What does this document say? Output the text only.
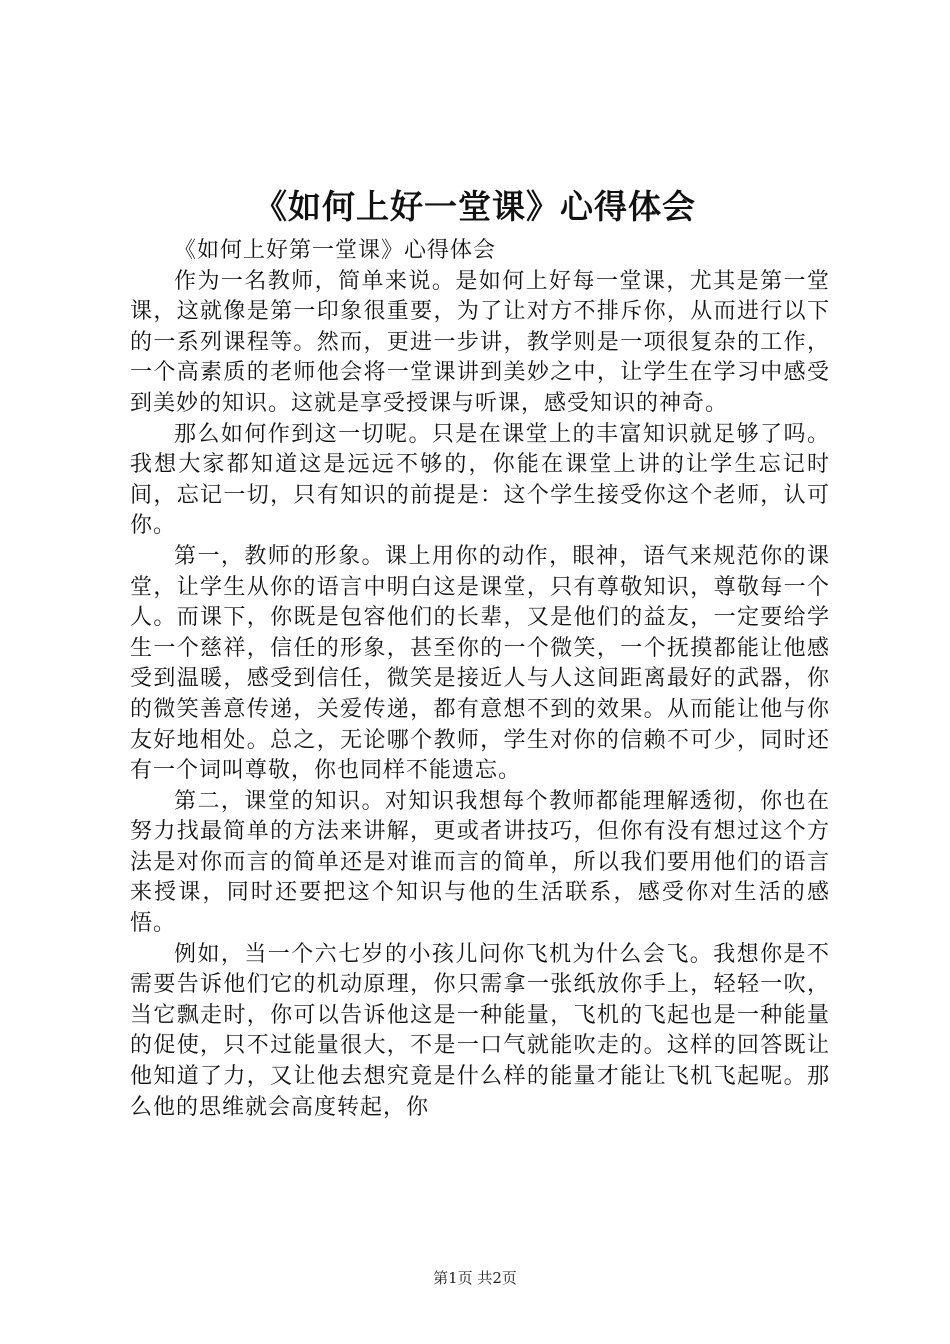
《如何上好一堂课》心得体会

《如何上好第一堂课》心得体会

作为一名教师，简单来说。是如何上好每一堂课，尤其是第一堂课，这就像是第一印象很重要，为了让对方不排斥你，从而进行以下的一系列课程等。然而，更进一步讲，教学则是一项很复杂的工作，一个高素质的老师他会将一堂课讲到美妙之中，让学生在学习中感受到美妙的知识。这就是享受授课与听课，感受知识的神奇。

那么如何作到这一切呢。只是在课堂上的丰富知识就足够了吗。我想大家都知道这是远远不够的，你能在课堂上讲的让学生忘记时间，忘记一切，只有知识的前提是：这个学生接受你这个老师，认可你。

第一，教师的形象。课上用你的动作，眼神，语气来规范你的课堂，让学生从你的语言中明白这是课堂，只有尊敬知识，尊敬每一个人。而课下，你既是包容他们的长辈，又是他们的益友，一定要给学生一个慈祥，信任的形象，甚至你的一个微笑，一个抚摸都能让他感受到温暖，感受到信任，微笑是接近人与人这间距离最好的武器，你的微笑善意传递，关爱传递，都有意想不到的效果。从而能让他与你友好地相处。总之，无论哪个教师，学生对你的信赖不可少，同时还有一个词叫尊敬，你也同样不能遗忘。

第二，课堂的知识。对知识我想每个教师都能理解透彻，你也在努力找最简单的方法来讲解，更或者讲技巧，但你有没有想过这个方法是对你而言的简单还是对谁而言的简单，所以我们要用他们的语言来授课，同时还要把这个知识与他的生活联系，感受你对生活的感悟。

例如，当一个六七岁的小孩儿问你飞机为什么会飞。我想你是不需要告诉他们它的机动原理，你只需拿一张纸放你手上，轻轻一吹，当它飘走时，你可以告诉他这是一种能量，飞机的飞起也是一种能量的促使，只不过能量很大，不是一口气就能吹走的。这样的回答既让他知道了力，又让他去想究竟是什么样的能量才能让飞机飞起呢。那么他的思维就会高度转起，你

第1页 共2页
